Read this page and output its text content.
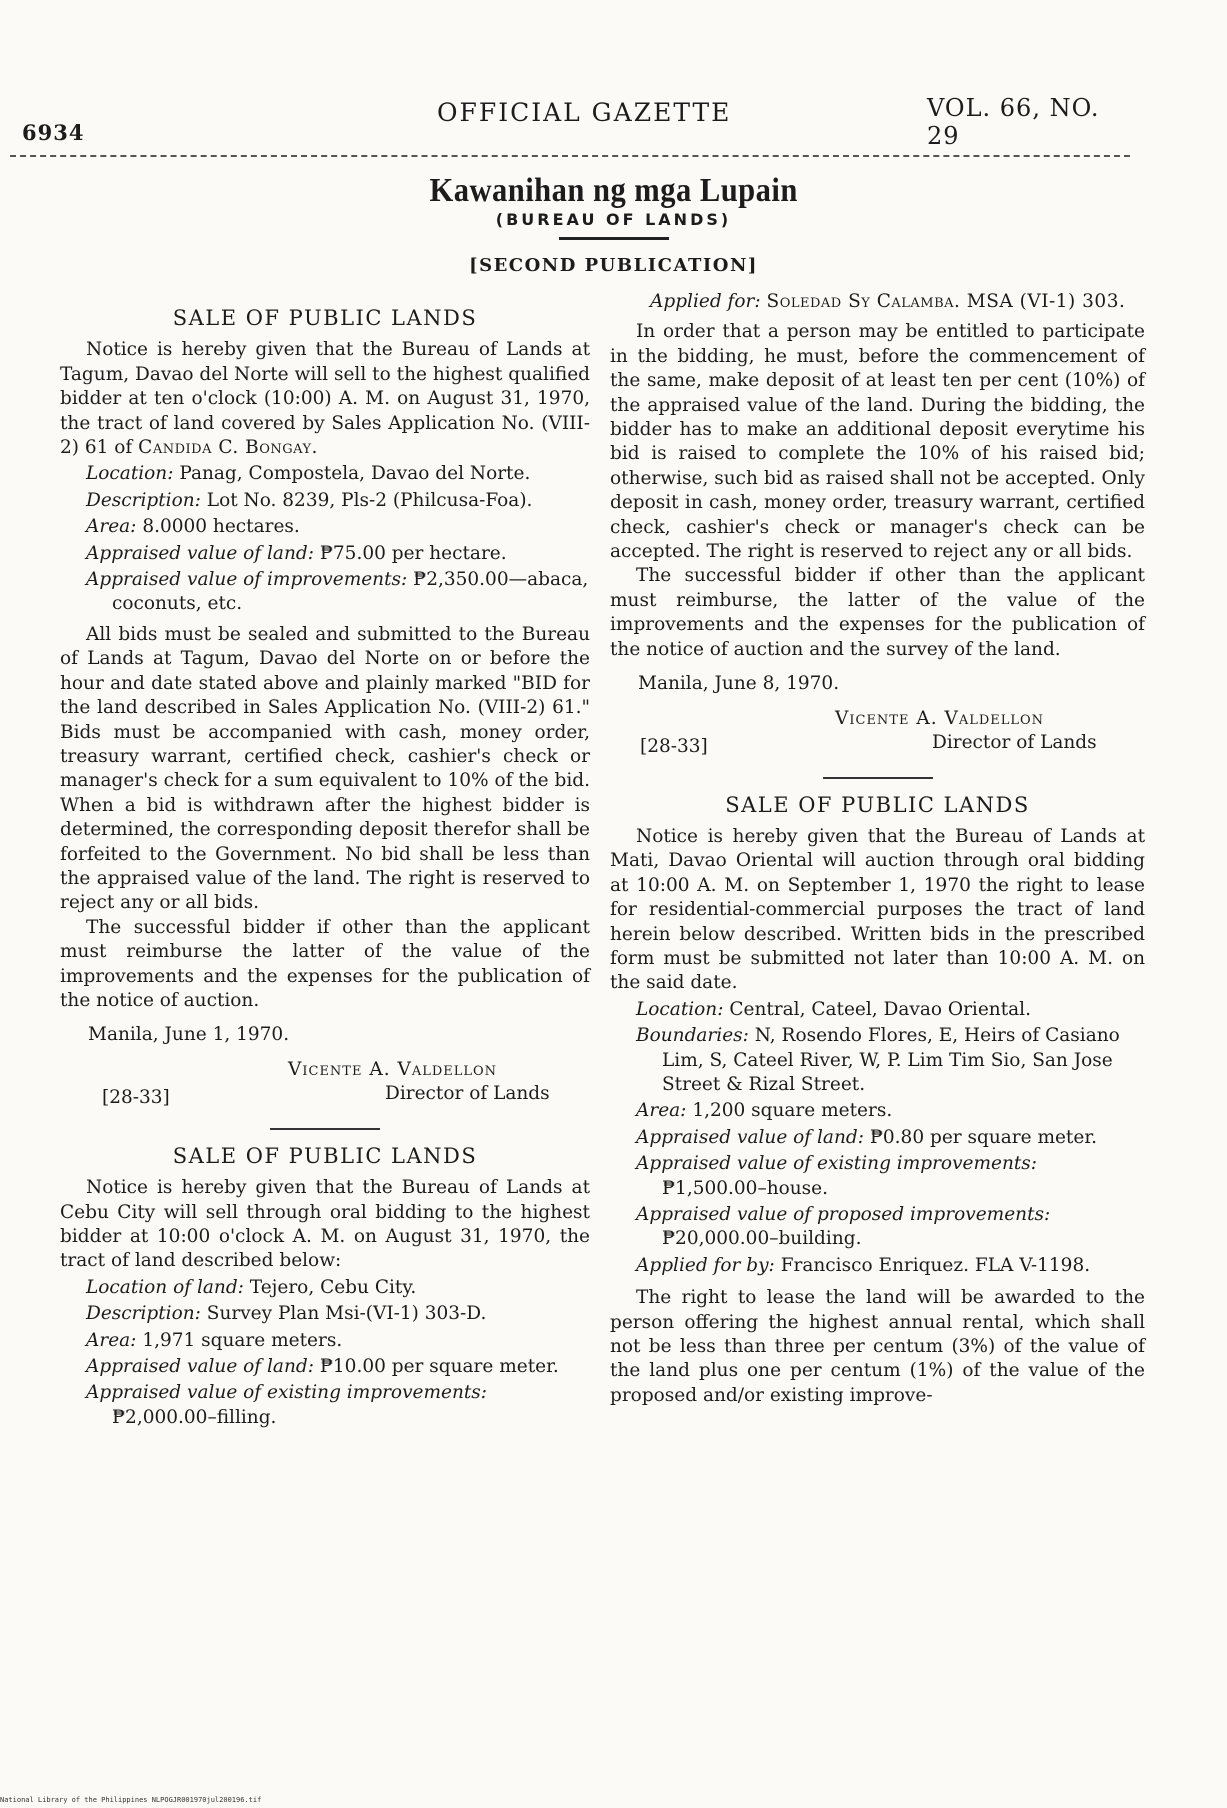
6934
OFFICIAL GAZETTE	VOL. 66, NO. 29
Kawanihan ng mga Lupain
(BUREAU OF LANDS)
[SECOND PUBLICATION]
SALE OF PUBLIC LANDS

Notice is hereby given that the Bureau of Lands at Tagum, Davao del Norte will sell to the highest qualified bidder at ten o'clock (10:00) A. M. on August 31, 1970, the tract of land covered by Sales Application No. (VIII-2) 61 of Candida C. Bongay.

Location: Panag, Compostela, Davao del Norte.
Description: Lot No. 8239, Pls-2 (Philcusa-Foa).
Area: 8.0000 hectares.
Appraised value of land: ₱75.00 per hectare.
Appraised value of improvements: ₱2,350.00—abaca, coconuts, etc.

All bids must be sealed and submitted to the Bureau of Lands at Tagum, Davao del Norte on or before the hour and date stated above and plainly marked "BID for the land described in Sales Application No. (VIII-2) 61." Bids must be accompanied with cash, money order, treasury warrant, certified check, cashier's check or manager's check for a sum equivalent to 10% of the bid. When a bid is withdrawn after the highest bidder is determined, the corresponding deposit therefor shall be forfeited to the Government. No bid shall be less than the appraised value of the land. The right is reserved to reject any or all bids.

The successful bidder if other than the applicant must reimburse the latter of the value of the improvements and the expenses for the publication of the notice of auction.

Manila, June 1, 1970.
Vicente A. Valdellon
[28-33]	Director of Lands
SALE OF PUBLIC LANDS

Notice is hereby given that the Bureau of Lands at Cebu City will sell through oral bidding to the highest bidder at 10:00 o'clock A. M. on August 31, 1970, the tract of land described below:

Location of land: Tejero, Cebu City.
Description: Survey Plan Msi-(VI-1) 303-D.
Area: 1,971 square meters.
Appraised value of land: ₱10.00 per square meter.
Appraised value of existing improvements: ₱2,000.00–filling.
Applied for: Soledad Sy Calamba. MSA (VI-1) 303.

In order that a person may be entitled to participate in the bidding, he must, before the commencement of the same, make deposit of at least ten per cent (10%) of the appraised value of the land. During the bidding, the bidder has to make an additional deposit everytime his bid is raised to complete the 10% of his raised bid; otherwise, such bid as raised shall not be accepted. Only deposit in cash, money order, treasury warrant, certified check, cashier's check or manager's check can be accepted. The right is reserved to reject any or all bids.

The successful bidder if other than the applicant must reimburse, the latter of the value of the improvements and the expenses for the publication of the notice of auction and the survey of the land.

Manila, June 8, 1970.
Vicente A. Valdellon
[28-33]	Director of Lands
SALE OF PUBLIC LANDS

Notice is hereby given that the Bureau of Lands at Mati, Davao Oriental will auction through oral bidding at 10:00 A. M. on September 1, 1970 the right to lease for residential-commercial purposes the tract of land herein below described. Written bids in the prescribed form must be submitted not later than 10:00 A. M. on the said date.

Location: Central, Cateel, Davao Oriental.
Boundaries: N, Rosendo Flores, E, Heirs of Casiano Lim, S, Cateel River, W, P. Lim Tim Sio, San Jose Street & Rizal Street.
Area: 1,200 square meters.
Appraised value of land: ₱0.80 per square meter.
Appraised value of existing improvements: ₱1,500.00–house.
Appraised value of proposed improvements: ₱20,000.00–building.
Applied for by: Francisco Enriquez. FLA V-1198.

The right to lease the land will be awarded to the person offering the highest annual rental, which shall not be less than three per centum (3%) of the value of the land plus one per centum (1%) of the value of the proposed and/or existing improve-

National Library of the Philippines NLPOGJR001970jul200196.tif
